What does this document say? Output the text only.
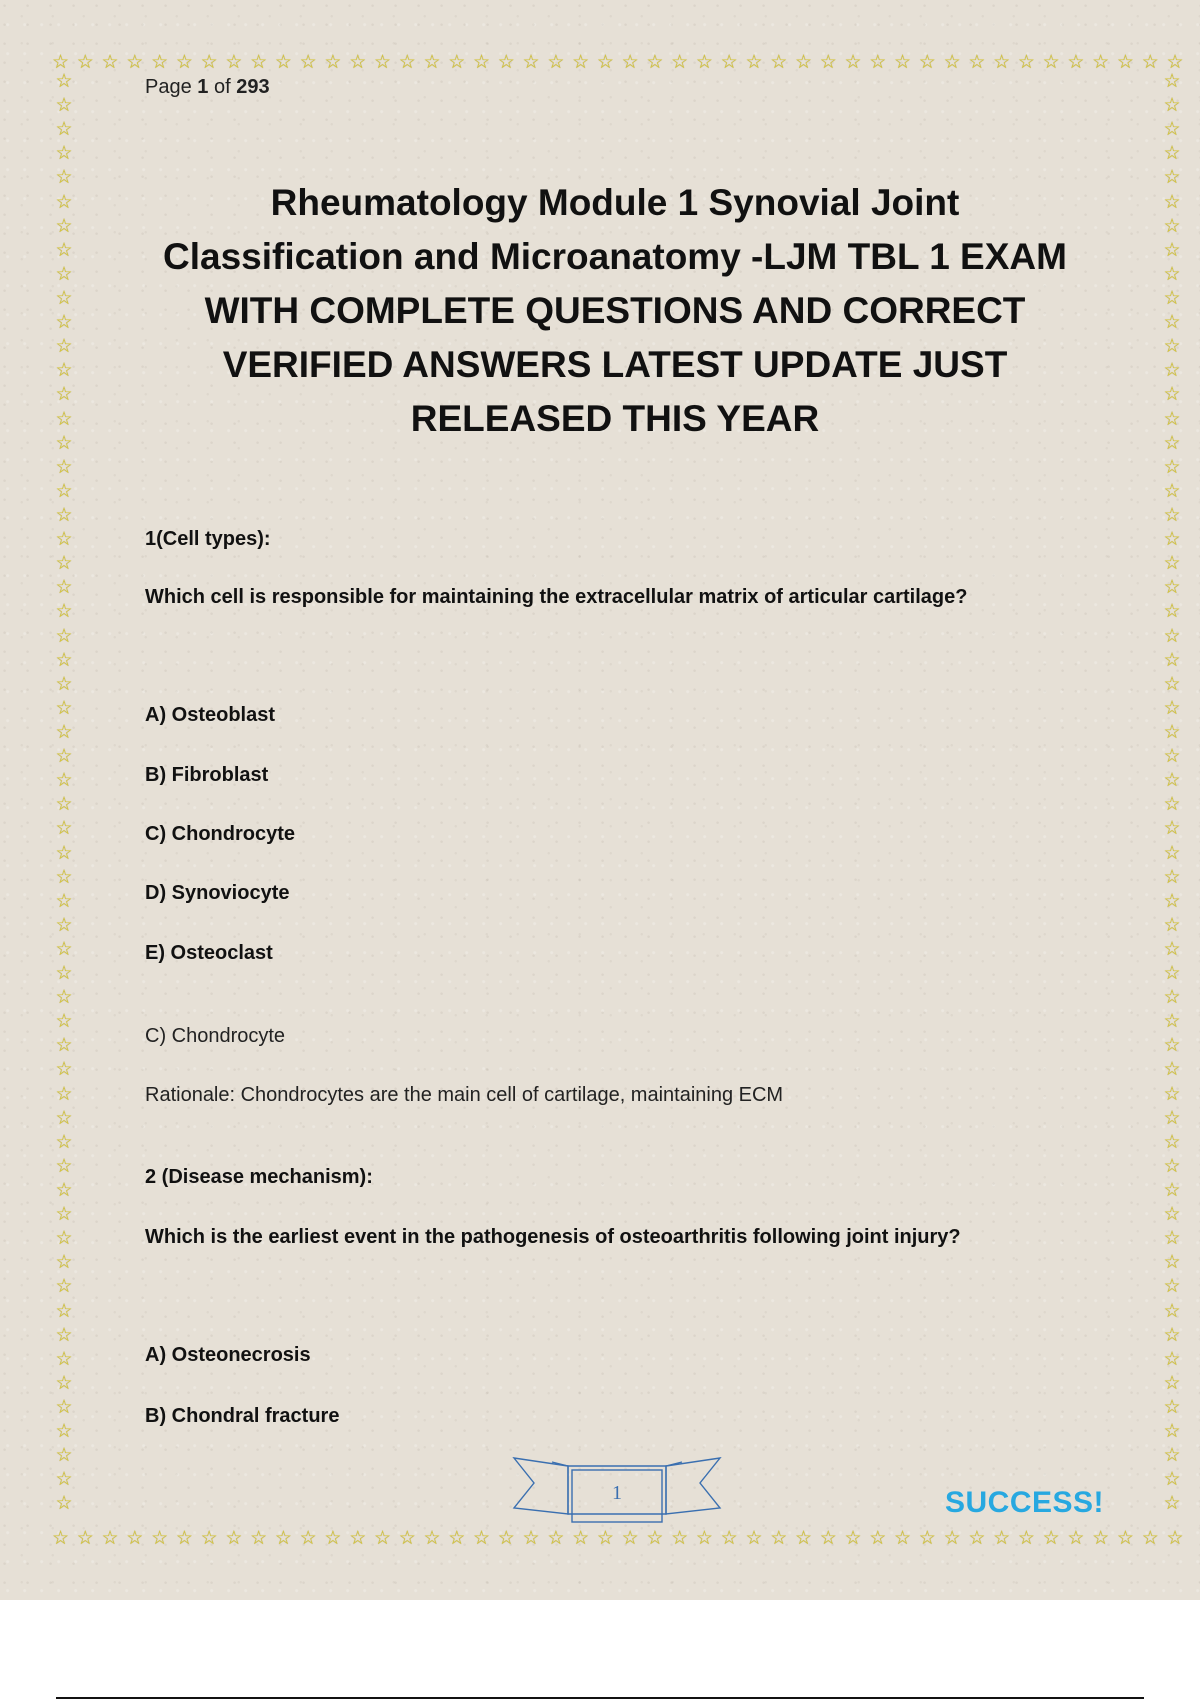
☆ ☆ ☆ ☆ ☆ ☆ ☆ ☆ ☆ ☆ ☆ ☆ ☆ ☆ ☆ ☆ ☆ ☆ ☆ ☆ ☆ ☆ ☆ ☆ ☆ ☆ ☆ ☆ ☆ ☆ ☆ ☆ ☆ ☆ ☆ ☆ ☆ ☆ ☆ ☆ ☆ ☆ ☆ ☆ ☆ ☆
☆ ☆ ☆ ☆ ☆ ☆ ☆ ☆ ☆ ☆ ☆ ☆ ☆ ☆ ☆ ☆ ☆ ☆ ☆ ☆ ☆ ☆ ☆ ☆ ☆ ☆ ☆ ☆ ☆ ☆ ☆ ☆ ☆ ☆ ☆ ☆ ☆ ☆ ☆ ☆ ☆ ☆ ☆ ☆ ☆ ☆
☆
☆
☆
☆
☆
☆
☆
☆
☆
☆
☆
☆
☆
☆
☆
☆
☆
☆
☆
☆
☆
☆
☆
☆
☆
☆
☆
☆
☆
☆
☆
☆
☆
☆
☆
☆
☆
☆
☆
☆
☆
☆
☆
☆
☆
☆
☆
☆
☆
☆
☆
☆
☆
☆
☆
☆
☆
☆
☆
☆
☆
☆
☆
☆
☆
☆
☆
☆
☆
☆
☆
☆
☆
☆
☆
☆
☆
☆
☆
☆
☆
☆
☆
☆
☆
☆
☆
☆
☆
☆
☆
☆
☆
☆
☆
☆
☆
☆
☆
☆
☆
☆
☆
☆
☆
☆
☆
☆
☆
☆
☆
☆
☆
☆
☆
☆
☆
☆
☆
☆
Page 1 of 293
Rheumatology Module 1 Synovial Joint
Classification and Microanatomy -LJM TBL 1 EXAM
WITH COMPLETE QUESTIONS AND CORRECT
VERIFIED ANSWERS LATEST UPDATE JUST
RELEASED THIS YEAR
1(Cell types):
Which cell is responsible for maintaining the extracellular matrix of articular cartilage?
A) Osteoblast
B) Fibroblast
C) Chondrocyte
D) Synoviocyte
E) Osteoclast
C) Chondrocyte
Rationale: Chondrocytes are the main cell of cartilage, maintaining ECM
2 (Disease mechanism):
Which is the earliest event in the pathogenesis of osteoarthritis following joint injury?
A) Osteonecrosis
B) Chondral fracture
1	SUCCESS!
